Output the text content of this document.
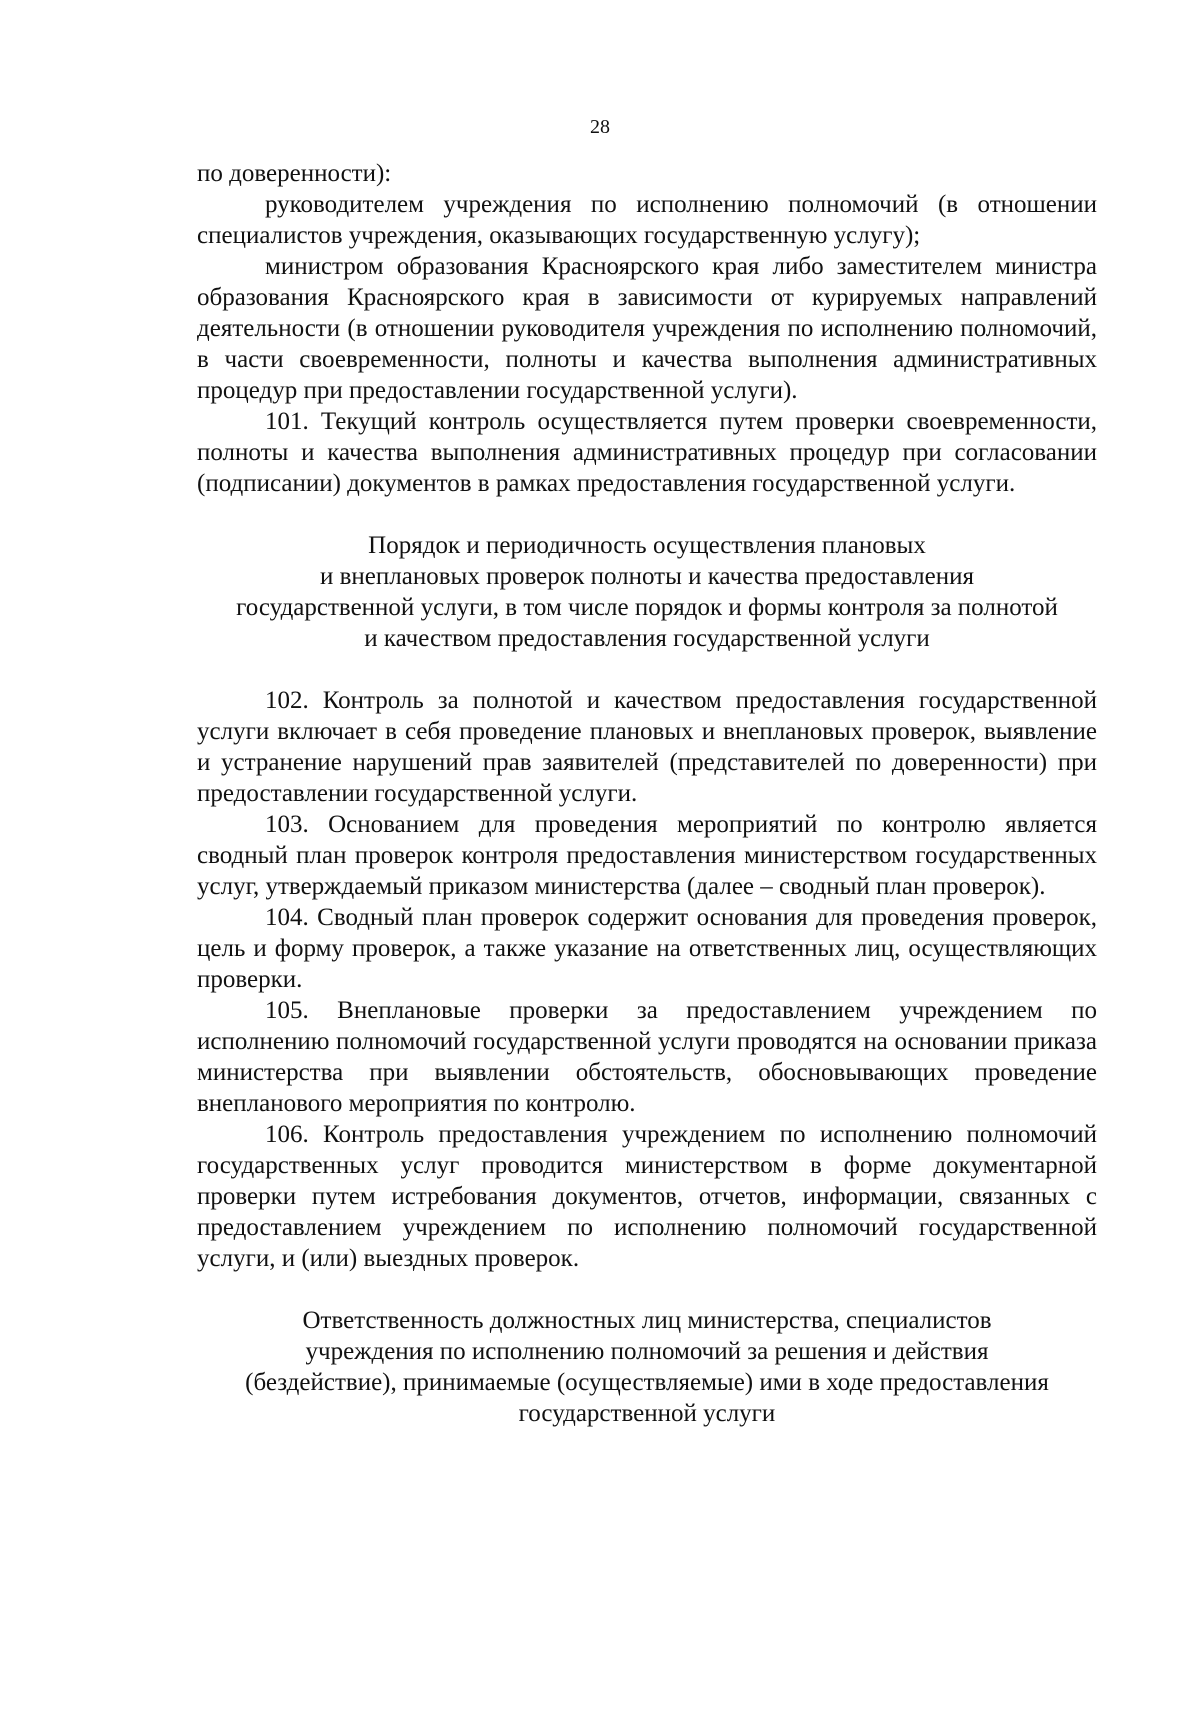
28

по доверенности):

руководителем учреждения по исполнению полномочий (в отношении специалистов учреждения, оказывающих государственную услугу);

министром образования Красноярского края либо заместителем министра образования Красноярского края в зависимости от курируемых направлений деятельности (в отношении руководителя учреждения по исполнению полномочий, в части своевременности, полноты и качества выполнения административных процедур при предоставлении государственной услуги).

101. Текущий контроль осуществляется путем проверки своевременности, полноты и качества выполнения административных процедур при согласовании (подписании) документов в рамках предоставления государственной услуги.

Порядок и периодичность осуществления плановых
и внеплановых проверок полноты и качества предоставления
государственной услуги, в том числе порядок и формы контроля за полнотой
и качеством предоставления государственной услуги

102. Контроль за полнотой и качеством предоставления государственной услуги включает в себя проведение плановых и внеплановых проверок, выявление и устранение нарушений прав заявителей (представителей по доверенности) при предоставлении государственной услуги.

103. Основанием для проведения мероприятий по контролю является сводный план проверок контроля предоставления министерством государственных услуг, утверждаемый приказом министерства (далее – сводный план проверок).

104. Сводный план проверок содержит основания для проведения проверок, цель и форму проверок, а также указание на ответственных лиц, осуществляющих проверки.

105. Внеплановые проверки за предоставлением учреждением по исполнению полномочий государственной услуги проводятся на основании приказа министерства при выявлении обстоятельств, обосновывающих проведение внепланового мероприятия по контролю.

106. Контроль предоставления учреждением по исполнению полномочий государственных услуг проводится министерством в форме документарной проверки путем истребования документов, отчетов, информации, связанных с предоставлением учреждением по исполнению полномочий государственной услуги, и (или) выездных проверок.

Ответственность должностных лиц министерства, специалистов
учреждения по исполнению полномочий за решения и действия
(бездействие), принимаемые (осуществляемые) ими в ходе предоставления
государственной услуги
